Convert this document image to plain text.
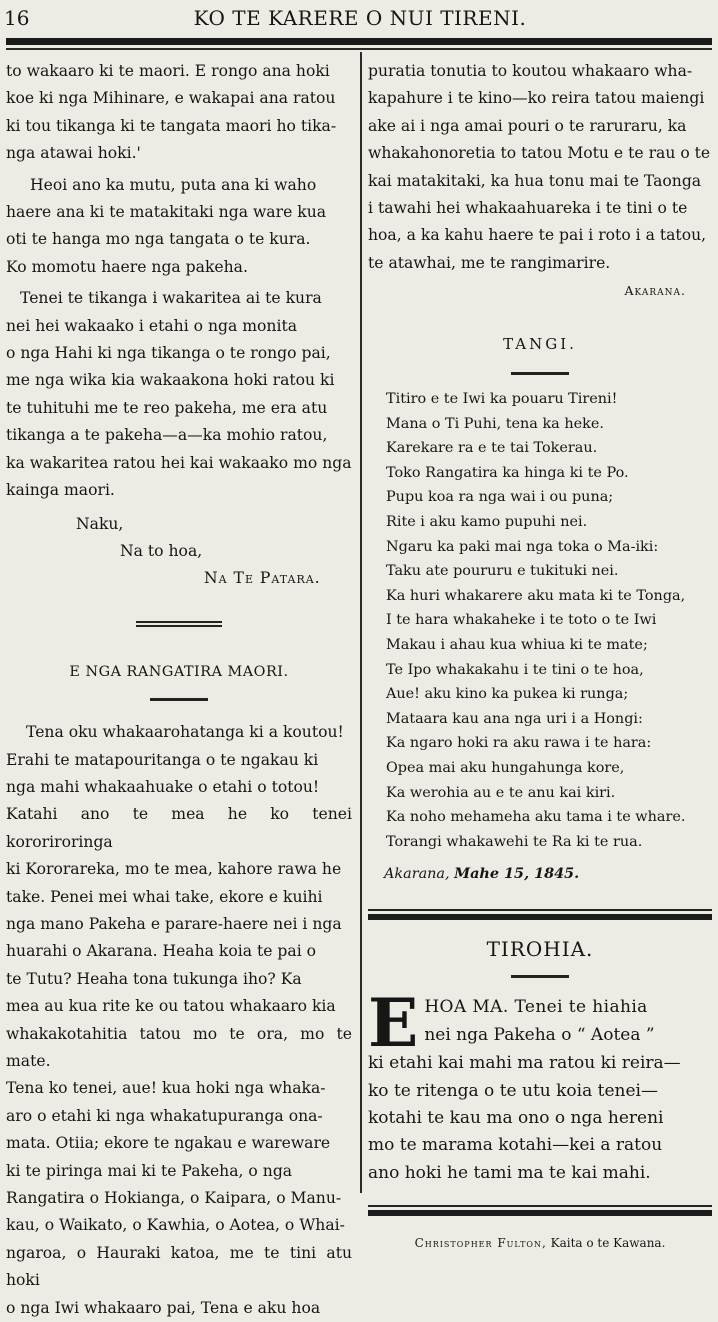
16	KO TE KARERE O NUI TIRENI.
to wakaaro ki te maori. E rongo ana hoki
koe ki nga Mihinare, e wakapai ana ratou
ki tou tikanga ki te tangata maori ho tika-
nga atawai hoki.'
Heoi ano ka mutu, puta ana ki waho
haere ana ki te matakitaki nga ware kua
oti te hanga mo nga tangata o te kura.
Ko momotu haere nga pakeha.
Tenei te tikanga i wakaritea ai te kura
nei hei wakaako i etahi o nga monita
o nga Hahi ki nga tikanga o te rongo pai,
me nga wika kia wakaakona hoki ratou ki
te tuhituhi me te reo pakeha, me era atu
tikanga a te pakeha—a—ka mohio ratou,
ka wakaritea ratou hei kai wakaako mo nga
kainga maori.
Naku,
Na to hoa,
Na Te Patara.
E NGA RANGATIRA MAORI.
Tena oku whakaarohatanga ki a koutou!
Erahi te matapouritanga o te ngakau ki
nga mahi whakaahuake o etahi o totou!
Katahi ano te mea he ko tenei kororiroringa
ki Kororareka, mo te mea, kahore rawa he
take. Penei mei whai take, ekore e kuihi
nga mano Pakeha e parare-haere nei i nga
huarahi o Akarana. Heaha koia te pai o
te Tutu? Heaha tona tukunga iho? Ka
mea au kua rite ke ou tatou whakaaro kia
whakakotahitia tatou mo te ora, mo te mate.
Tena ko tenei, aue! kua hoki nga whaka-
aro o etahi ki nga whakatupuranga ona-
mata. Otiia; ekore te ngakau e wareware
ki te piringa mai ki te Pakeha, o nga
Rangatira o Hokianga, o Kaipara, o Manu-
kau, o Waikato, o Kawhia, o Aotea, o Whai-
ngaroa, o Hauraki katoa, me te tini atu hoki
o nga Iwi whakaaro pai, Tena e aku hoa
puratia tonutia to koutou whakaaro wha-
kapahure i te kino—ko reira tatou maiengi
ake ai i nga amai pouri o te raruraru, ka
whakahonoretia to tatou Motu e te rau o te
kai matakitaki, ka hua tonu mai te Taonga
i tawahi hei whakaahuareka i te tini o te
hoa, a ka kahu haere te pai i roto i a tatou,
te atawhai, me te rangimarire.
Akarana.
TANGI.
Titiro e te Iwi ka pouaru Tireni!
Mana o Ti Puhi, tena ka heke.
Karekare ra e te tai Tokerau.
Toko Rangatira ka hinga ki te Po.
Pupu koa ra nga wai i ou puna;
Rite i aku kamo pupuhi nei.
Ngaru ka paki mai nga toka o Ma-iki:
Taku ate poururu e tukituki nei.
Ka huri whakarere aku mata ki te Tonga,
I te hara whakaheke i te toto o te Iwi
Makau i ahau kua whiua ki te mate;
Te Ipo whakakahu i te tini o te hoa,
Aue! aku kino ka pukea ki runga;
Mataara kau ana nga uri i a Hongi:
Ka ngaro hoki ra aku rawa i te hara:
Opea mai aku hungahunga kore,
Ka werohia au e te anu kai kiri.
Ka noho mehameha aku tama i te whare.
Torangi whakawehi te Ra ki te rua.
Akarana, Mahe 15, 1845.
TIROHIA.
E HOA MA. Tenei te hiahia
nei nga Pakeha o “ Aotea ”
ki etahi kai mahi ma ratou ki reira—
ko te ritenga o te utu koia tenei—
kotahi te kau ma ono o nga hereni
mo te marama kotahi—kei a ratou
ano hoki he tami ma te kai mahi.
Christopher Fulton, Kaita o te Kawana.
